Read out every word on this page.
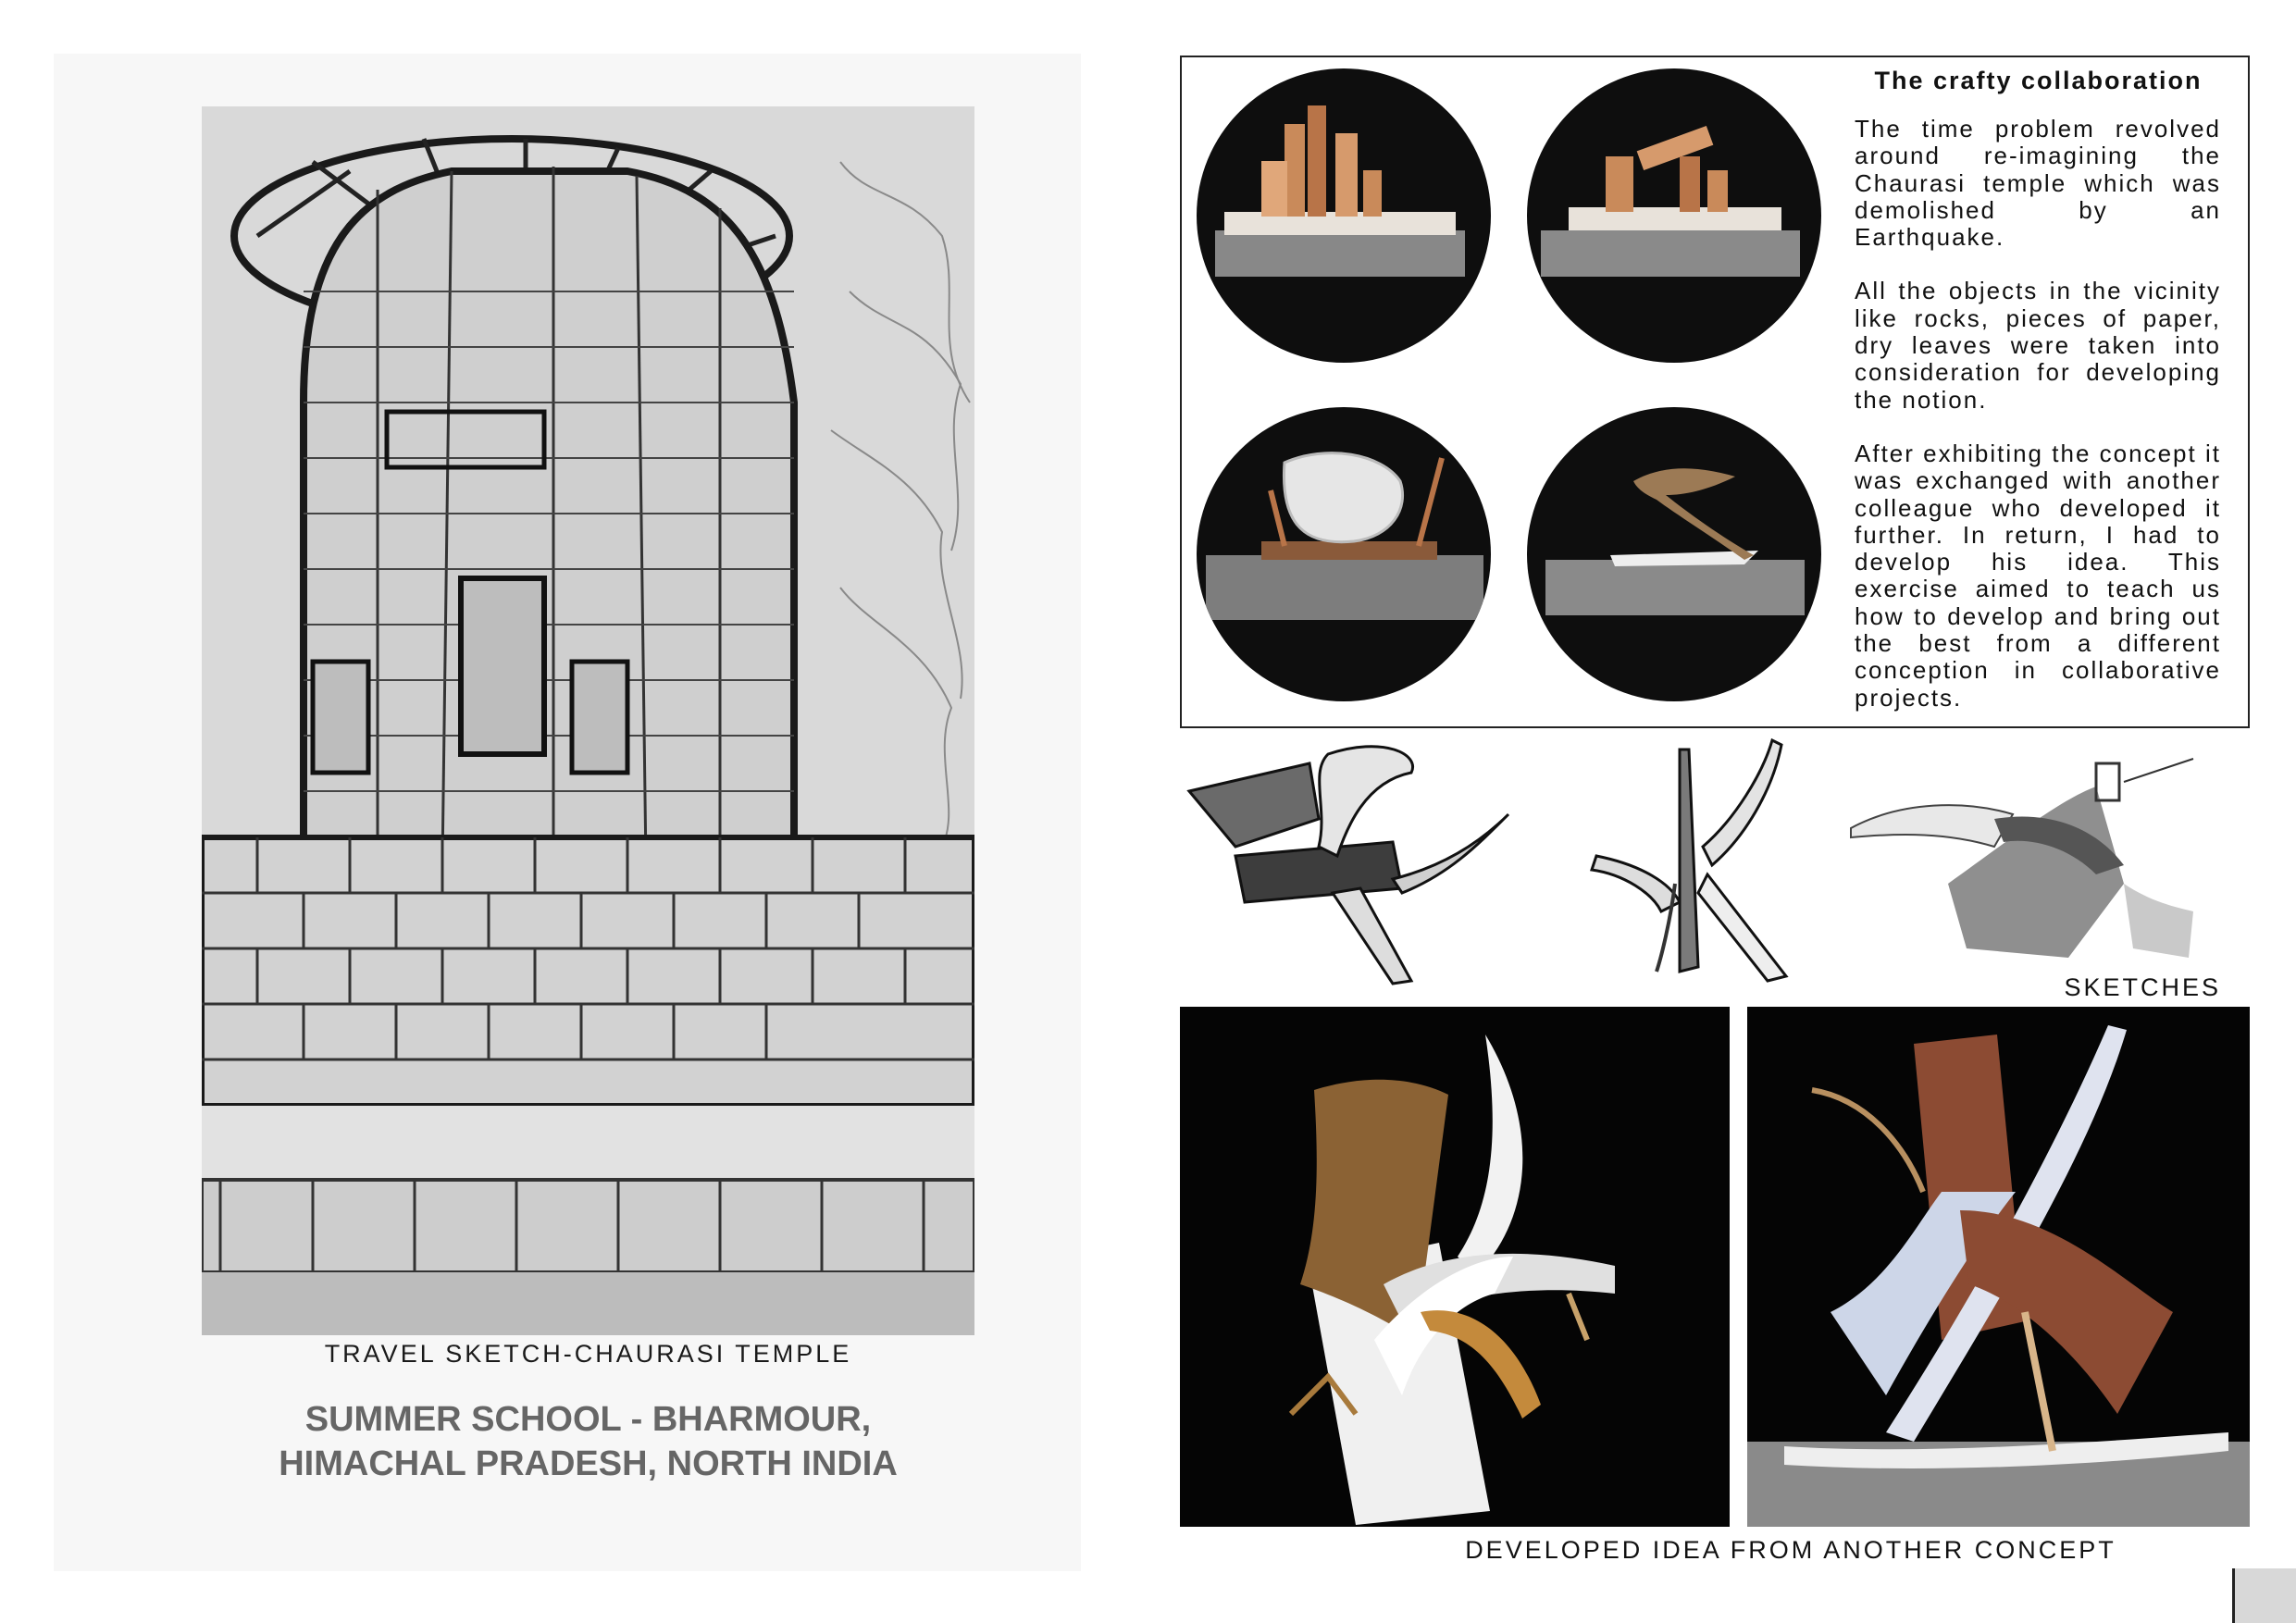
TRAVEL SKETCH-CHAURASI TEMPLE
SUMMER SCHOOL - BHARMOUR,
HIMACHAL PRADESH, NORTH INDIA
The crafty collaboration

The time problem revolved around re-imagining the Chaurasi temple which was demolished by an Earthquake.

All the objects in the vicinity like rocks, pieces of paper, dry leaves were taken into consideration for developing the notion.

After exhibiting the concept it was exchanged with another colleague who developed it further. In return, I had to develop his idea. This exercise aimed to teach us how to develop and bring out the best from a different conception in collaborative projects.

SKETCHES
DEVELOPED IDEA FROM ANOTHER CONCEPT
